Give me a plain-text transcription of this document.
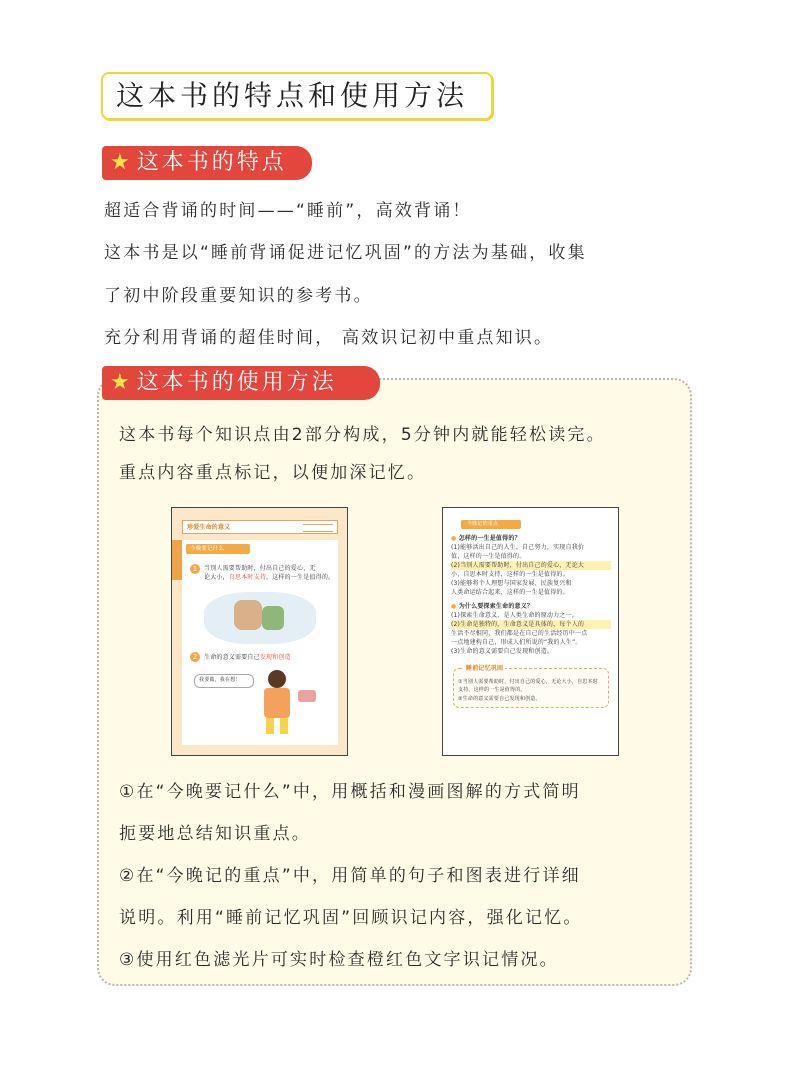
这本书的特点和使用方法
★ 这本书的特点
超适合背诵的时间——“睡前”，高效背诵！
这本书是以“睡前背诵促进记忆巩固”的方法为基础，收集
了初中阶段重要知识的参考书。
充分利用背诵的超佳时间， 高效识记初中重点知识。
★ 这本书的使用方法
这本书每个知识点由2部分构成，5分钟内就能轻松读完。
重点内容重点标记，以便加深记忆。
珍爱生命的意义
今晚要记什么
1	当别人需要帮助时，付出自己的爱心，无
论大小，自思本时支持，这样的一生是值得的。
2	生命的意义需要自己发现和创造
我要做，我在想！
今晚记的重点
● 怎样的一生是值得的？
(1)能够活出自己的人生，自己努力，实现自我价
值，这样的一生是值得的。
(2)当别人需要帮助时，付出自己的爱心，无论大
小，自思本时支持，这样的一生是值得的。
(3)能够将个人理想与国家发展、民族复兴和
人类命运结合起来，这样的一生是值得的。
● 为什么要探索生命的意义？
(1)探索生命意义，是人类生命的原动力之一。
(2)生命是独特的，生命意义是具体的，每个人的
生活不尽相同，我们都是在自己的生活经历中一点
一点地建构自己，形成人们所说的“我的人生”。
(3)生命的意义需要自己发现和创造。
睡前记忆巩固
①当别人需要帮助时，付出自己的爱心，无论大小，自思本时
支持，这样的一生是值得的。
②生命的意义需要自己发现和创造。
①在“今晚要记什么”中，用概括和漫画图解的方式简明
扼要地总结知识重点。
②在“今晚记的重点”中，用简单的句子和图表进行详细
说明。利用“睡前记忆巩固”回顾识记内容，强化记忆。
③使用红色滤光片可实时检查橙红色文字识记情况。
